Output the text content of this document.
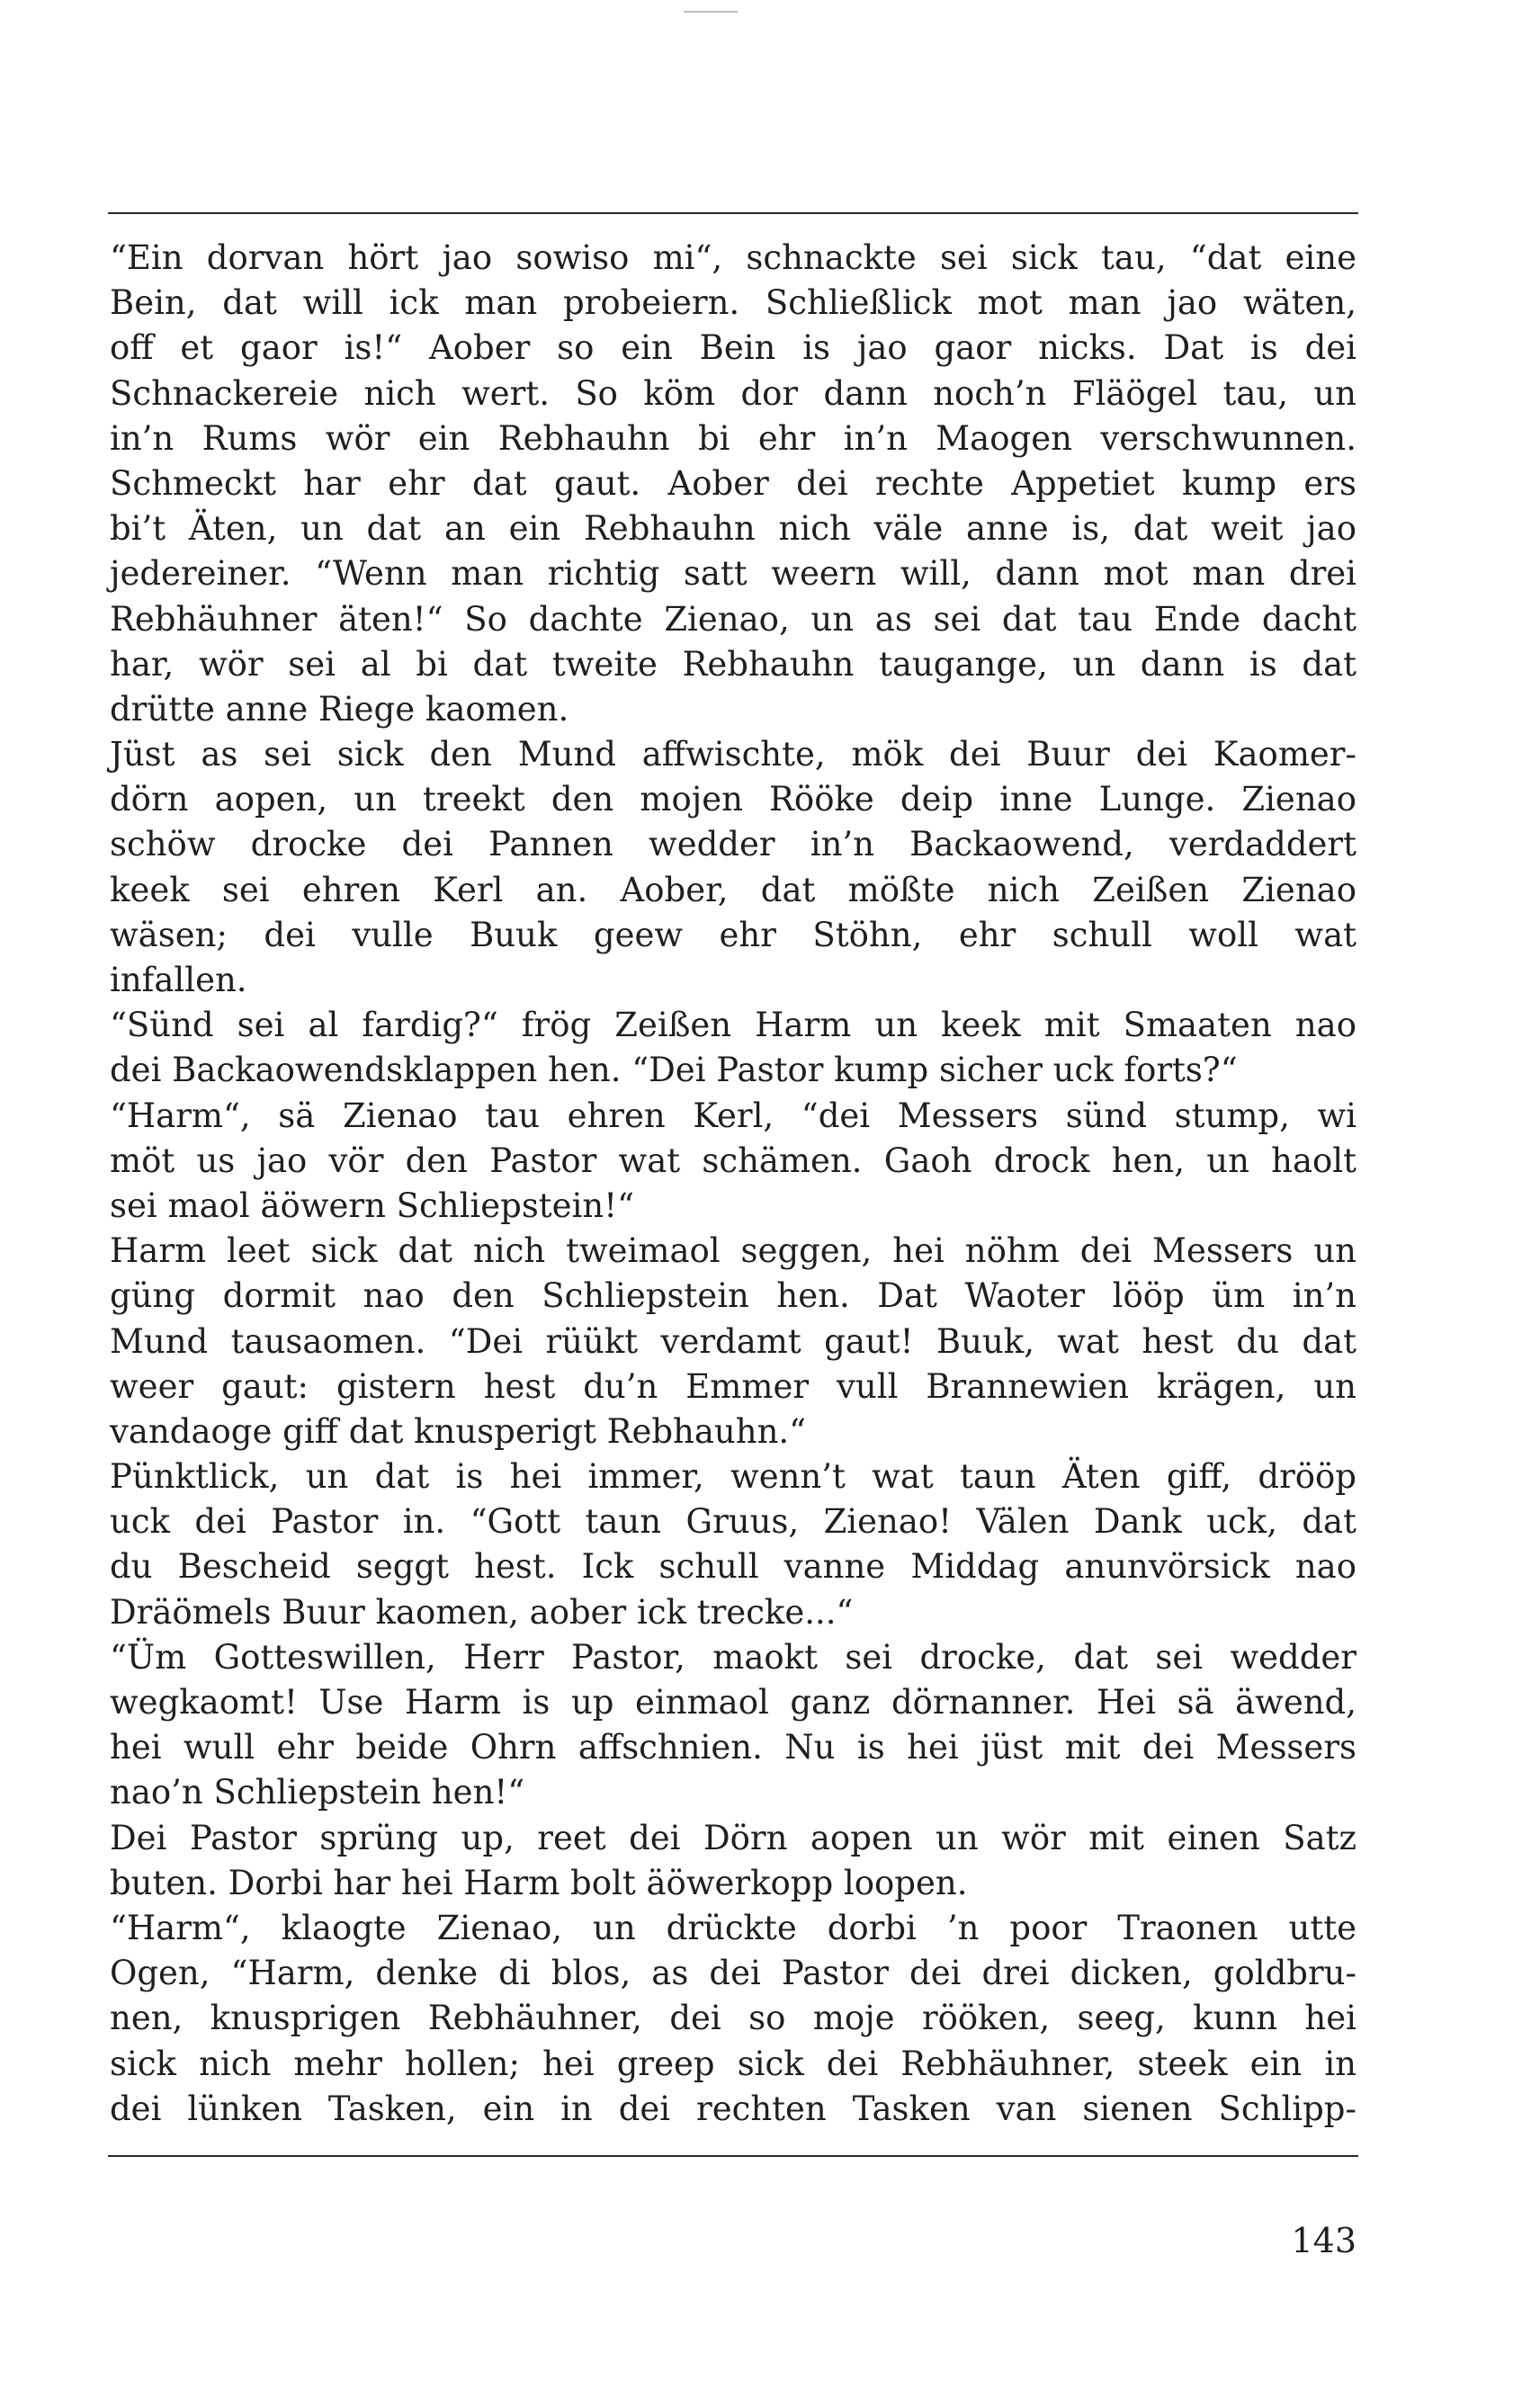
“Ein dorvan hört jao sowiso mi“, schnackte sei sick tau, “dat eine
Bein, dat will ick man probeiern. Schließlick mot man jao wäten,
off et gaor is!“ Aober so ein Bein is jao gaor nicks. Dat is dei
Schnackereie nich wert. So köm dor dann noch’n Fläögel tau, un
in’n Rums wör ein Rebhauhn bi ehr in’n Maogen verschwunnen.
Schmeckt har ehr dat gaut. Aober dei rechte Appetiet kump ers
bi’t Äten, un dat an ein Rebhauhn nich väle anne is, dat weit jao
jedereiner. “Wenn man richtig satt weern will, dann mot man drei
Rebhäuhner äten!“ So dachte Zienao, un as sei dat tau Ende dacht
har, wör sei al bi dat tweite Rebhauhn taugange, un dann is dat
drütte anne Riege kaomen.
Jüst as sei sick den Mund affwischte, mök dei Buur dei Kaomer-
dörn aopen, un treekt den mojen Rööke deip inne Lunge. Zienao
schöw drocke dei Pannen wedder in’n Backaowend, verdaddert
keek sei ehren Kerl an. Aober, dat mößte nich Zeißen Zienao
wäsen; dei vulle Buuk geew ehr Stöhn, ehr schull woll wat
infallen.
“Sünd sei al fardig?“ frög Zeißen Harm un keek mit Smaaten nao
dei Backaowendsklappen hen. “Dei Pastor kump sicher uck forts?“
“Harm“, sä Zienao tau ehren Kerl, “dei Messers sünd stump, wi
möt us jao vör den Pastor wat schämen. Gaoh drock hen, un haolt
sei maol äöwern Schliepstein!“
Harm leet sick dat nich tweimaol seggen, hei nöhm dei Messers un
güng dormit nao den Schliepstein hen. Dat Waoter lööp üm in’n
Mund tausaomen. “Dei rüükt verdamt gaut! Buuk, wat hest du dat
weer gaut: gistern hest du’n Emmer vull Brannewien krägen, un
vandaoge giff dat knusperigt Rebhauhn.“
Pünktlick, un dat is hei immer, wenn’t wat taun Äten giff, drööp
uck dei Pastor in. “Gott taun Gruus, Zienao! Välen Dank uck, dat
du Bescheid seggt hest. Ick schull vanne Middag anunvörsick nao
Dräömels Buur kaomen, aober ick trecke...“
“Üm Gotteswillen, Herr Pastor, maokt sei drocke, dat sei wedder
wegkaomt! Use Harm is up einmaol ganz dörnanner. Hei sä äwend,
hei wull ehr beide Ohrn affschnien. Nu is hei jüst mit dei Messers
nao’n Schliepstein hen!“
Dei Pastor sprüng up, reet dei Dörn aopen un wör mit einen Satz
buten. Dorbi har hei Harm bolt äöwerkopp loopen.
“Harm“, klaogte Zienao, un drückte dorbi ’n poor Traonen utte
Ogen, “Harm, denke di blos, as dei Pastor dei drei dicken, goldbru-
nen, knusprigen Rebhäuhner, dei so moje rööken, seeg, kunn hei
sick nich mehr hollen; hei greep sick dei Rebhäuhner, steek ein in
dei lünken Tasken, ein in dei rechten Tasken van sienen Schlipp-
143
